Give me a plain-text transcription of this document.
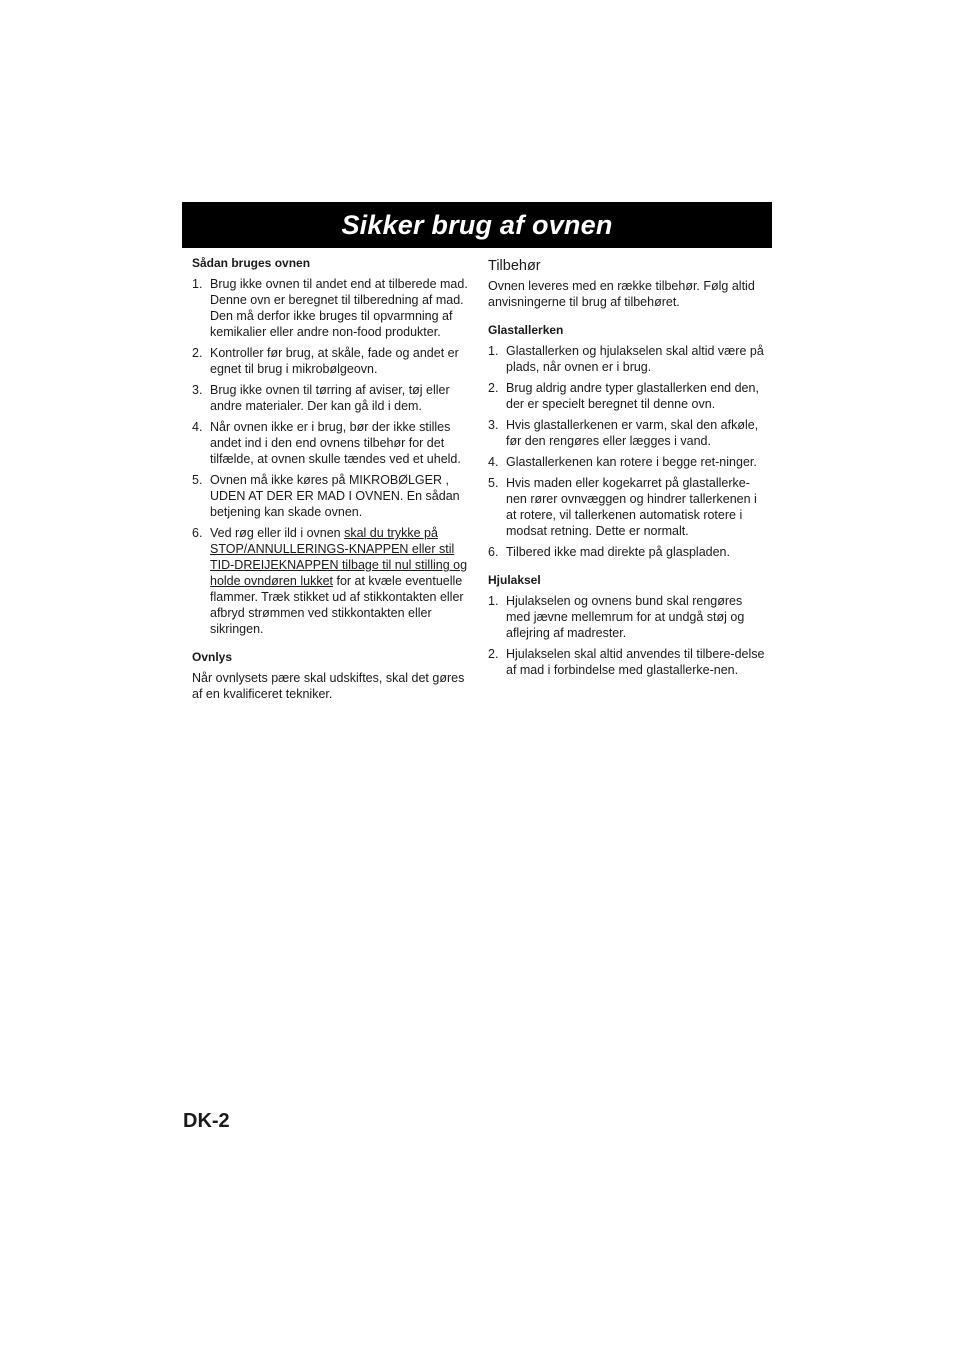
Sikker brug af ovnen
Sådan bruges ovnen
1. Brug ikke ovnen til andet end at tilberede mad. Denne ovn er beregnet til tilberedning af mad. Den må derfor ikke bruges til opvarmning af kemikalier eller andre non-food produkter.
2. Kontroller før brug, at skåle, fade og andet er egnet til brug i mikrobølgeovn.
3. Brug ikke ovnen til tørring af aviser, tøj eller andre materialer. Der kan gå ild i dem.
4. Når ovnen ikke er i brug, bør der ikke stilles andet ind i den end ovnens tilbehør for det tilfælde, at ovnen skulle tændes ved et uheld.
5. Ovnen må ikke køres på MIKROBØLGER , UDEN AT DER ER MAD I OVNEN. En sådan betjening kan skade ovnen.
6. Ved røg eller ild i ovnen skal du trykke på STOP/ANNULLERINGS-KNAPPEN eller stil TID-DREIJEKNAPPEN tilbage til nul stilling og holde ovndøren lukket for at kvæle eventuelle flammer. Træk stikket ud af stikkontakten eller afbryd strømmen ved stikkontakten eller sikringen.
Ovnlys

Når ovnlysets pære skal udskiftes, skal det gøres af en kvalificeret tekniker.

Tilbehør

Ovnen leveres med en række tilbehør. Følg altid anvisningerne til brug af tilbehøret.

Glastallerken
1. Glastallerken og hjulakselen skal altid være på plads, når ovnen er i brug.
2. Brug aldrig andre typer glastallerken end den, der er specielt beregnet til denne ovn.
3. Hvis glastallerkenen er varm, skal den afkøle, før den rengøres eller lægges i vand.
4. Glastallerkenen kan rotere i begge ret-ninger.
5. Hvis maden eller kogekarret på glastallerke-nen rører ovnvæggen og hindrer tallerkenen i at rotere, vil tallerkenen automatisk rotere i modsat retning. Dette er normalt.
6. Tilbered ikke mad direkte på glaspladen.
Hjulaksel
1. Hjulakselen og ovnens bund skal rengøres med jævne mellemrum for at undgå støj og aflejring af madrester.
2. Hjulakselen skal altid anvendes til tilbere-delse af mad i forbindelse med glastallerke-nen.
DK-2
